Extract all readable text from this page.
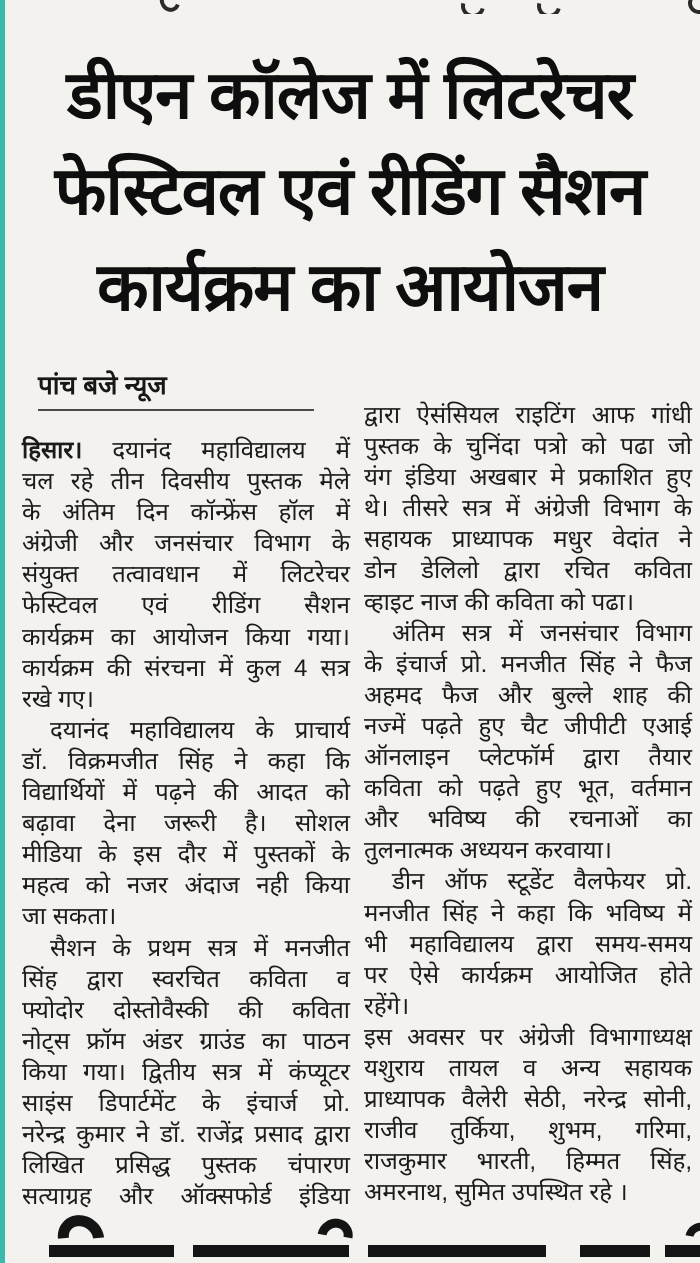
डीएन कॉलेज में लिटरेचर
फेस्टिवल एवं रीडिंग सैशन
कार्यक्रम का आयोजन
पांच बजे न्यूज
हिसार। दयानंद महाविद्यालय में
चल रहे तीन दिवसीय पुस्तक मेले
के अंतिम दिन कॉन्फ्रेंस हॉल में
अंग्रेजी और जनसंचार विभाग के
संयुक्त तत्वावधान में लिटरेचर
फेस्टिवल एवं रीडिंग सैशन
कार्यक्रम का आयोजन किया गया।
कार्यक्रम की संरचना में कुल 4 सत्र
रखे गए।
दयानंद महाविद्यालय के प्राचार्य
डॉ. विक्रमजीत सिंह ने कहा कि
विद्यार्थियों में पढ़ने की आदत को
बढ़ावा देना जरूरी है। सोशल
मीडिया के इस दौर में पुस्तकों के
महत्व को नजर अंदाज नही किया
जा सकता।
सैशन के प्रथम सत्र में मनजीत
सिंह द्वारा स्वरचित कविता व
फ्योदोर दोस्तोवैस्की की कविता
नोट्स फ्रॉम अंडर ग्राउंड का पाठन
किया गया। द्वितीय सत्र में कंप्यूटर
साइंस डिपार्टमेंट के इंचार्ज प्रो.
नरेन्द्र कुमार ने डॉ. राजेंद्र प्रसाद द्वारा
लिखित प्रसिद्ध पुस्तक चंपारण
सत्याग्रह और ऑक्सफोर्ड इंडिया
द्वारा ऐसंसियल राइटिंग आफ गांधी
पुस्तक के चुनिंदा पत्रो को पढा जो
यंग इंडिया अखबार मे प्रकाशित हुए
थे। तीसरे सत्र में अंग्रेजी विभाग के
सहायक प्राध्यापक मधुर वेदांत ने
डोन डेलिलो द्वारा रचित कविता
व्हाइट नाज की कविता को पढा।
अंतिम सत्र में जनसंचार विभाग
के इंचार्ज प्रो. मनजीत सिंह ने फैज
अहमद फैज और बुल्ले शाह की
नज्में पढ़ते हुए चैट जीपीटी एआई
ऑनलाइन प्लेटफॉर्म द्वारा तैयार
कविता को पढ़ते हुए भूत, वर्तमान
और भविष्य की रचनाओं का
तुलनात्मक अध्ययन करवाया।
डीन ऑफ स्टूडेंट वैलफेयर प्रो.
मनजीत सिंह ने कहा कि भविष्य में
भी महाविद्यालय द्वारा समय-समय
पर ऐसे कार्यक्रम आयोजित होते
रहेंगे।
इस अवसर पर अंग्रेजी विभागाध्यक्ष
यशुराय तायल व अन्य सहायक
प्राध्यापक वैलेरी सेठी, नरेन्द्र सोनी,
राजीव तुर्किया, शुभम, गरिमा,
राजकुमार भारती, हिम्मत सिंह,
अमरनाथ, सुमित उपस्थित रहे ।
